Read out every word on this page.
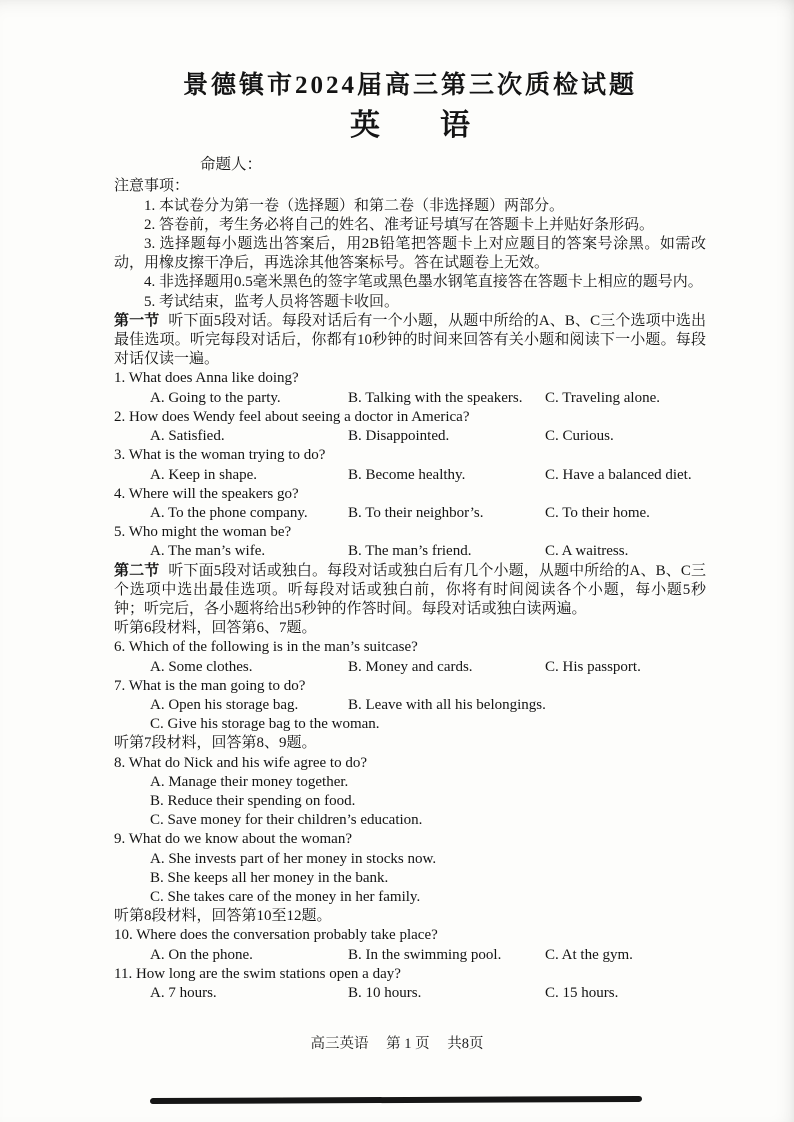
景德镇市2024届高三第三次质检试题
英　　语
命题人：
注意事项：

1. 本试卷分为第一卷（选择题）和第二卷（非选择题）两部分。

2. 答卷前，考生务必将自己的姓名、准考证号填写在答题卡上并贴好条形码。

3. 选择题每小题选出答案后，用2B铅笔把答题卡上对应题目的答案号涂黑。如需改动，用橡皮擦干净后，再选涂其他答案标号。答在试题卷上无效。

4. 非选择题用0.5毫米黑色的签字笔或黑色墨水钢笔直接答在答题卡上相应的题号内。

5. 考试结束，监考人员将答题卡收回。

第一节 听下面5段对话。每段对话后有一个小题，从题中所给的A、B、C三个选项中选出最佳选项。听完每段对话后，你都有10秒钟的时间来回答有关小题和阅读下一小题。每段对话仅读一遍。

1. What does Anna like doing?

A. Going to the party.	B. Talking with the speakers.	C. Traveling alone.

2. How does Wendy feel about seeing a doctor in America?

A. Satisfied.	B. Disappointed.	C. Curious.

3. What is the woman trying to do?

A. Keep in shape.	B. Become healthy.	C. Have a balanced diet.

4. Where will the speakers go?

A. To the phone company.	B. To their neighbor’s.	C. To their home.

5. Who might the woman be?

A. The man’s wife.	B. The man’s friend.	C. A waitress.

第二节 听下面5段对话或独白。每段对话或独白后有几个小题，从题中所给的A、B、C三个选项中选出最佳选项。听每段对话或独白前，你将有时间阅读各个小题，每小题5秒钟；听完后，各小题将给出5秒钟的作答时间。每段对话或独白读两遍。

听第6段材料，回答第6、7题。

6. Which of the following is in the man’s suitcase?

A. Some clothes.	B. Money and cards.	C. His passport.

7. What is the man going to do?

A. Open his storage bag.	B. Leave with all his belongings.

C. Give his storage bag to the woman.

听第7段材料，回答第8、9题。

8. What do Nick and his wife agree to do?

A. Manage their money together.

B. Reduce their spending on food.

C. Save money for their children’s education.

9. What do we know about the woman?

A. She invests part of her money in stocks now.

B. She keeps all her money in the bank.

C. She takes care of the money in her family.

听第8段材料，回答第10至12题。

10. Where does the conversation probably take place?

A. On the phone.	B. In the swimming pool.	C. At the gym.

11. How long are the swim stations open a day?

A. 7 hours.	B. 10 hours.	C. 15 hours.
高三英语 第 1 页 共8页
